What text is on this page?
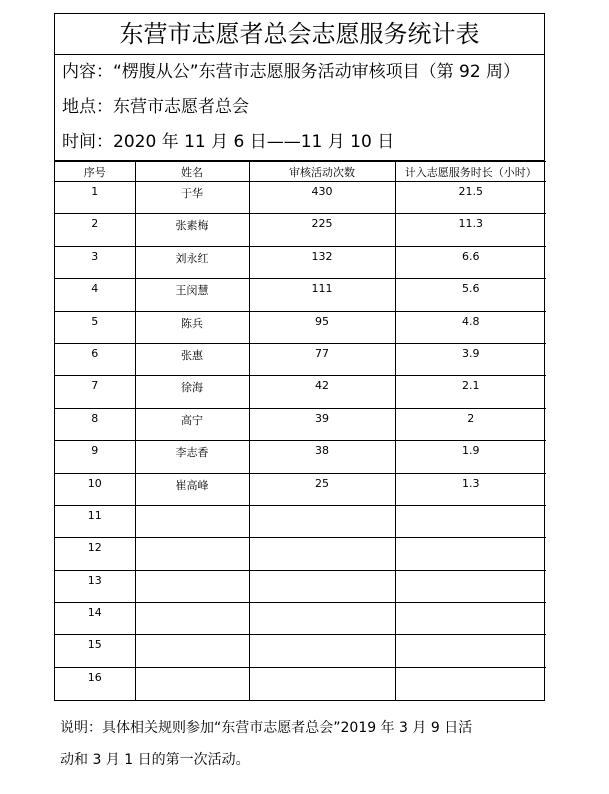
东营市志愿者总会志愿服务统计表
内容：“楞腹从公”东营市志愿服务活动审核项目（第 92 周）
地点：东营市志愿者总会
时间：2020 年 11 月 6 日——11 月 10 日
序号	姓名	审核活动次数	计入志愿服务时长（小时）
1	于华	430	21.5
2	张素梅	225	11.3
3	刘永红	132	6.6
4	王闵慧	111	5.6
5	陈兵	95	4.8
6	张惠	77	3.9
7	徐海	42	2.1
8	高宁	39	2
9	李志香	38	1.9
10	崔高峰	25	1.3
11			
12			
13			
14			
15			
16			
说明：具体相关规则参加“东营市志愿者总会”2019 年 3 月 9 日活
动和 3 月 1 日的第一次活动。
